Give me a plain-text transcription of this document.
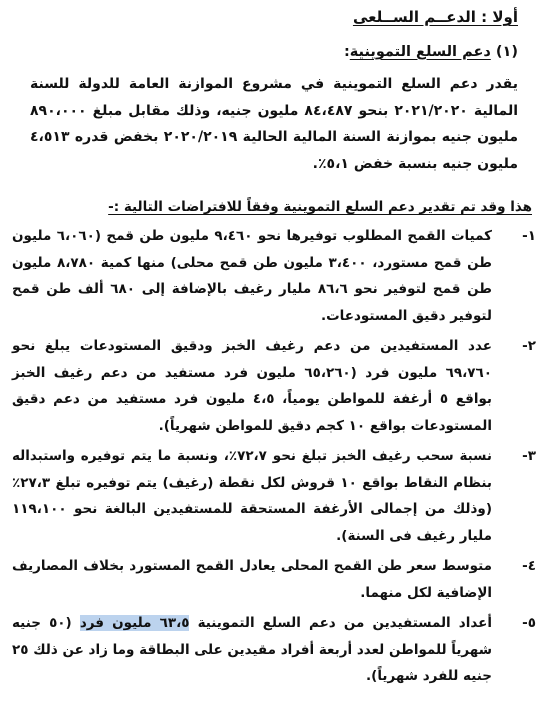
أولا : الدعــم الســلعى
(١) دعم السلع التموينية:
يقدر دعم السلع التموينية في مشروع الموازنة العامة للدولة للسنة المالية ٢٠٢١/٢٠٢٠ بنحو ٨٤،٤٨٧ مليون جنيه، وذلك مقابل مبلغ ٨٩٠،٠٠٠ مليون جنيه بموازنة السنة المالية الحالية ٢٠٢٠/٢٠١٩ بخفض قدره ٤،٥١٣ مليون جنيه بنسبة خفض ٥،١٪.
هذا وقد تم تقدير دعم السلع التموينية وفقاً للافتراضات التالية :-
١-
كميات القمح المطلوب توفيرها نحو ٩،٤٦٠ مليون طن قمح (٦،٠٦٠ مليون طن قمح مستورد، ٣،٤٠٠ مليون طن قمح محلى) منها كمية ٨،٧٨٠ مليون طن قمح لتوفير نحو ٨٦،٦ مليار رغيف بالإضافة إلى ٦٨٠ ألف طن قمح لتوفير دقيق المستودعات.
٢-
عدد المستفيدين من دعم رغيف الخبز ودقيق المستودعات يبلغ نحو ٦٩،٧٦٠ مليون فرد (٦٥،٢٦٠ مليون فرد مستفيد من دعم رغيف الخبز بواقع ٥ أرغفة للمواطن يومياً، ٤،٥ مليون فرد مستفيد من دعم دقيق المستودعات بواقع ١٠ كجم دقيق للمواطن شهرياً).
٣-
نسبة سحب رغيف الخبز تبلغ نحو ٧٢،٧٪، ونسبة ما يتم توفيره واستبداله بنظام النقاط بواقع ١٠ قروش لكل نقطة (رغيف) يتم توفيره تبلغ ٢٧،٣٪ (وذلك من إجمالى الأرغفة المستحقة للمستفيدين البالغة نحو ١١٩،١٠٠ مليار رغيف فى السنة).
٤-
متوسط سعر طن القمح المحلى يعادل القمح المستورد بخلاف المصاريف الإضافية لكل منهما.
٥-
أعداد المستفيدين من دعم السلع التموينية ٦٣،٥ مليون فرد (٥٠ جنيه شهرياً للمواطن لعدد أربعة أفراد مقيدين على البطاقة وما زاد عن ذلك ٢٥ جنيه للفرد شهرياً).
